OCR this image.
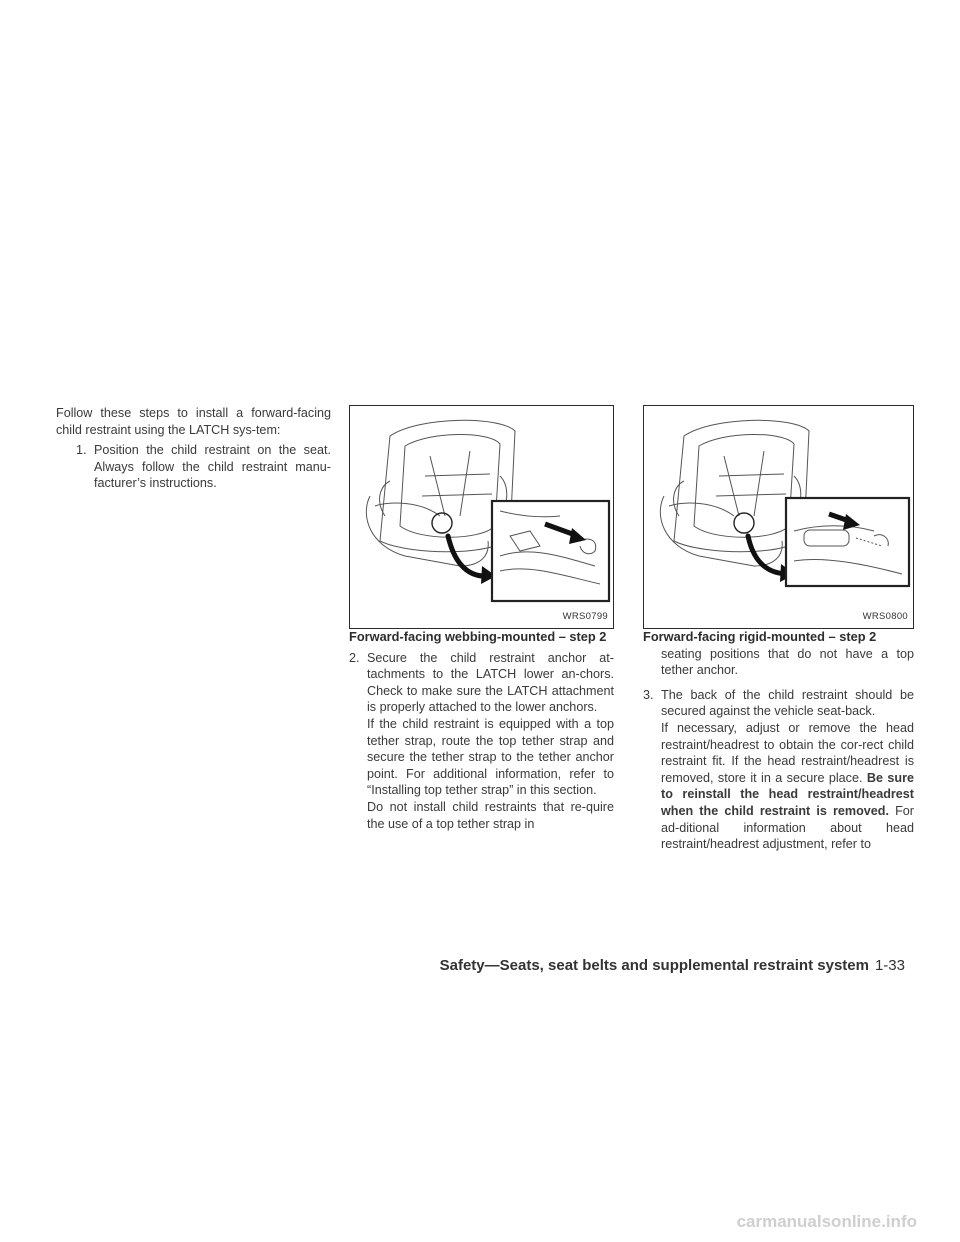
Follow these steps to install a forward-facing child restraint using the LATCH sys-tem:

1. Position the child restraint on the seat. Always follow the child restraint manu-facturer’s instructions.
WRS0799

Forward-facing webbing-mounted – step 2

2. Secure the child restraint anchor at-tachments to the LATCH lower an-chors. Check to make sure the LATCH attachment is properly attached to the lower anchors.

If the child restraint is equipped with a top tether strap, route the top tether strap and secure the tether strap to the tether anchor point. For additional information, refer to “Installing top tether strap” in this section.

Do not install child restraints that re-quire the use of a top tether strap in

WRS0800

Forward-facing rigid-mounted – step 2

seating positions that do not have a top tether anchor.

3. The back of the child restraint should be secured against the vehicle seat-back.

If necessary, adjust or remove the head restraint/headrest to obtain the cor-rect child restraint fit. If the head restraint/headrest is removed, store it in a secure place. Be sure to reinstall the head restraint/headrest when the child restraint is removed. For ad-ditional information about head restraint/headrest adjustment, refer to

Safety—Seats, seat belts and supplemental restraint system 1-33
carmanualsonline.info
